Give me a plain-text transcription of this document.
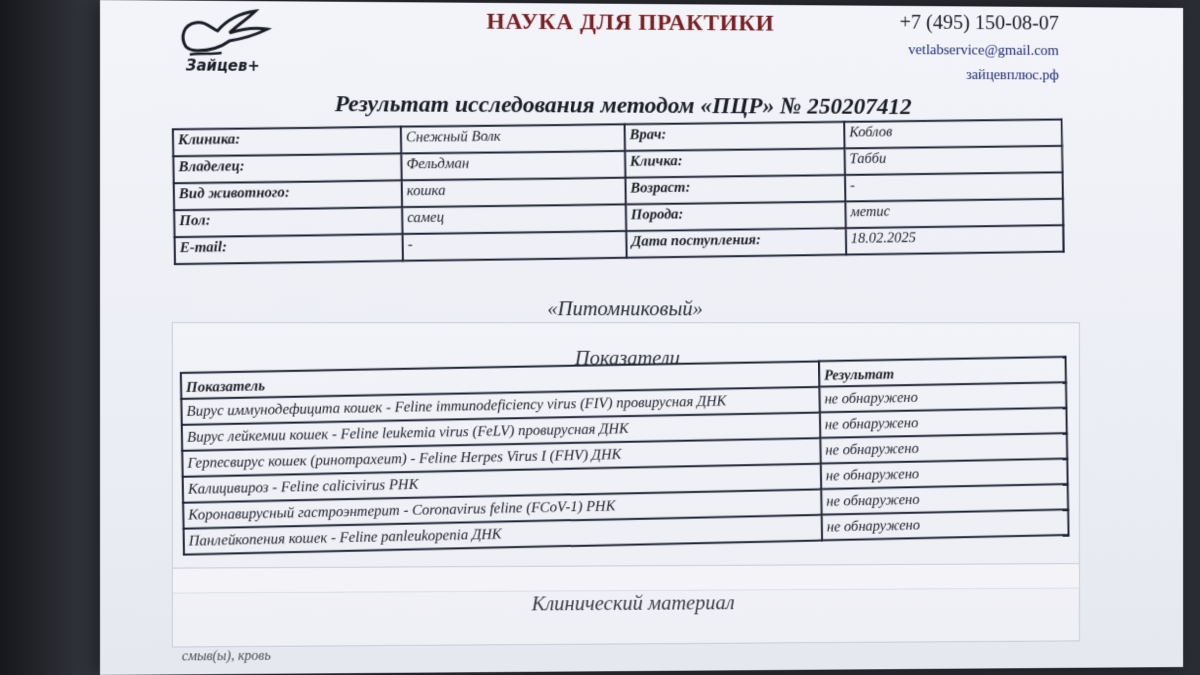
Зайцев+
НАУКА ДЛЯ ПРАКТИКИ	+7 (495) 150-08-07
vetlabservice@gmail.com
зайцевплюс.рф
Результат исследования методом «ПЦР» № 250207412
Клиника:	Снежный Волк	Врач:	Коблов
Владелец:	Фельдман	Кличка:	Табби
Вид животного:	кошка	Возраст:	-
Пол:	самец	Порода:	метис
E-mail:	-	Дата поступления:	18.02.2025
«Питомниковый»
Показатели
Показатель	Результат
Вирус иммунодефицита кошек - Feline immunodeficiency virus (FIV) провирусная ДНК	не обнаружено
Вирус лейкемии кошек - Feline leukemia virus (FeLV) провирусная ДНК	не обнаружено
Герпесвирус кошек (ринотрахеит) - Feline Herpes Virus I (FHV) ДНК	не обнаружено
Калицивироз - Feline calicivirus РНК	не обнаружено
Коронавирусный гастроэнтерит - Coronavirus feline (FCoV-1) РНК	не обнаружено
Панлейкопения кошек - Feline panleukopenia ДНК	не обнаружено
Клинический материал
смыв(ы), кровь
